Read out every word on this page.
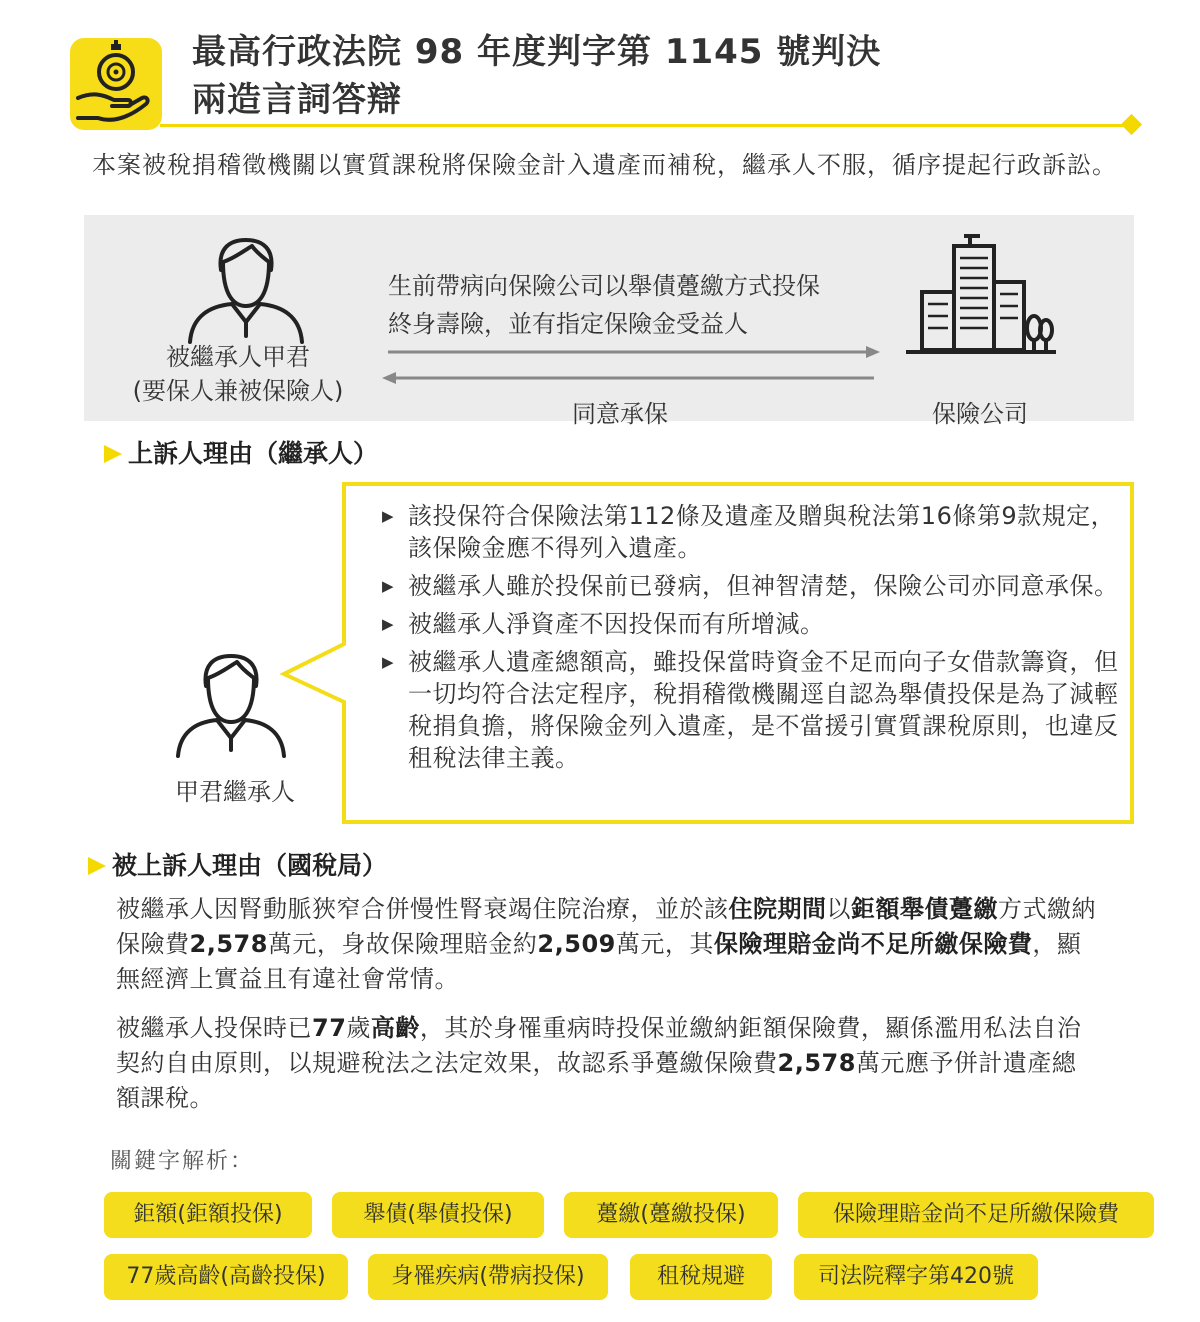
最高行政法院 98 年度判字第 1145 號判決
兩造言詞答辯
本案被稅捐稽徵機關以實質課稅將保險金計入遺產而補稅，繼承人不服，循序提起行政訴訟。
生前帶病向保險公司以舉債躉繳方式投保
終身壽險，並有指定保險金受益人
被繼承人甲君
(要保人兼被保險人)
同意承保	保險公司
上訴人理由（繼承人）
甲君繼承人
▶ 該投保符合保險法第112條及遺產及贈與稅法第16條第9款規定，該保險金應不得列入遺產。
▶ 被繼承人雖於投保前已發病，但神智清楚，保險公司亦同意承保。
▶ 被繼承人淨資產不因投保而有所增減。
▶ 被繼承人遺產總額高，雖投保當時資金不足而向子女借款籌資，但一切均符合法定程序，稅捐稽徵機關逕自認為舉債投保是為了減輕稅捐負擔，將保險金列入遺產，是不當援引實質課稅原則，也違反租稅法律主義。
被上訴人理由（國稅局）

被繼承人因腎動脈狹窄合併慢性腎衰竭住院治療，並於該住院期間以鉅額舉債躉繳方式繳納保險費2,578萬元，身故保險理賠金約2,509萬元，其保險理賠金尚不足所繳保險費，顯無經濟上實益且有違社會常情。

被繼承人投保時已77歲高齡，其於身罹重病時投保並繳納鉅額保險費，顯係濫用私法自治契約自由原則，以規避稅法之法定效果，故認系爭躉繳保險費2,578萬元應予併計遺產總額課稅。

關鍵字解析：
鉅額(鉅額投保)	舉債(舉債投保)	躉繳(躉繳投保)	保險理賠金尚不足所繳保險費
77歲高齡(高齡投保)	身罹疾病(帶病投保)	租稅規避	司法院釋字第420號
